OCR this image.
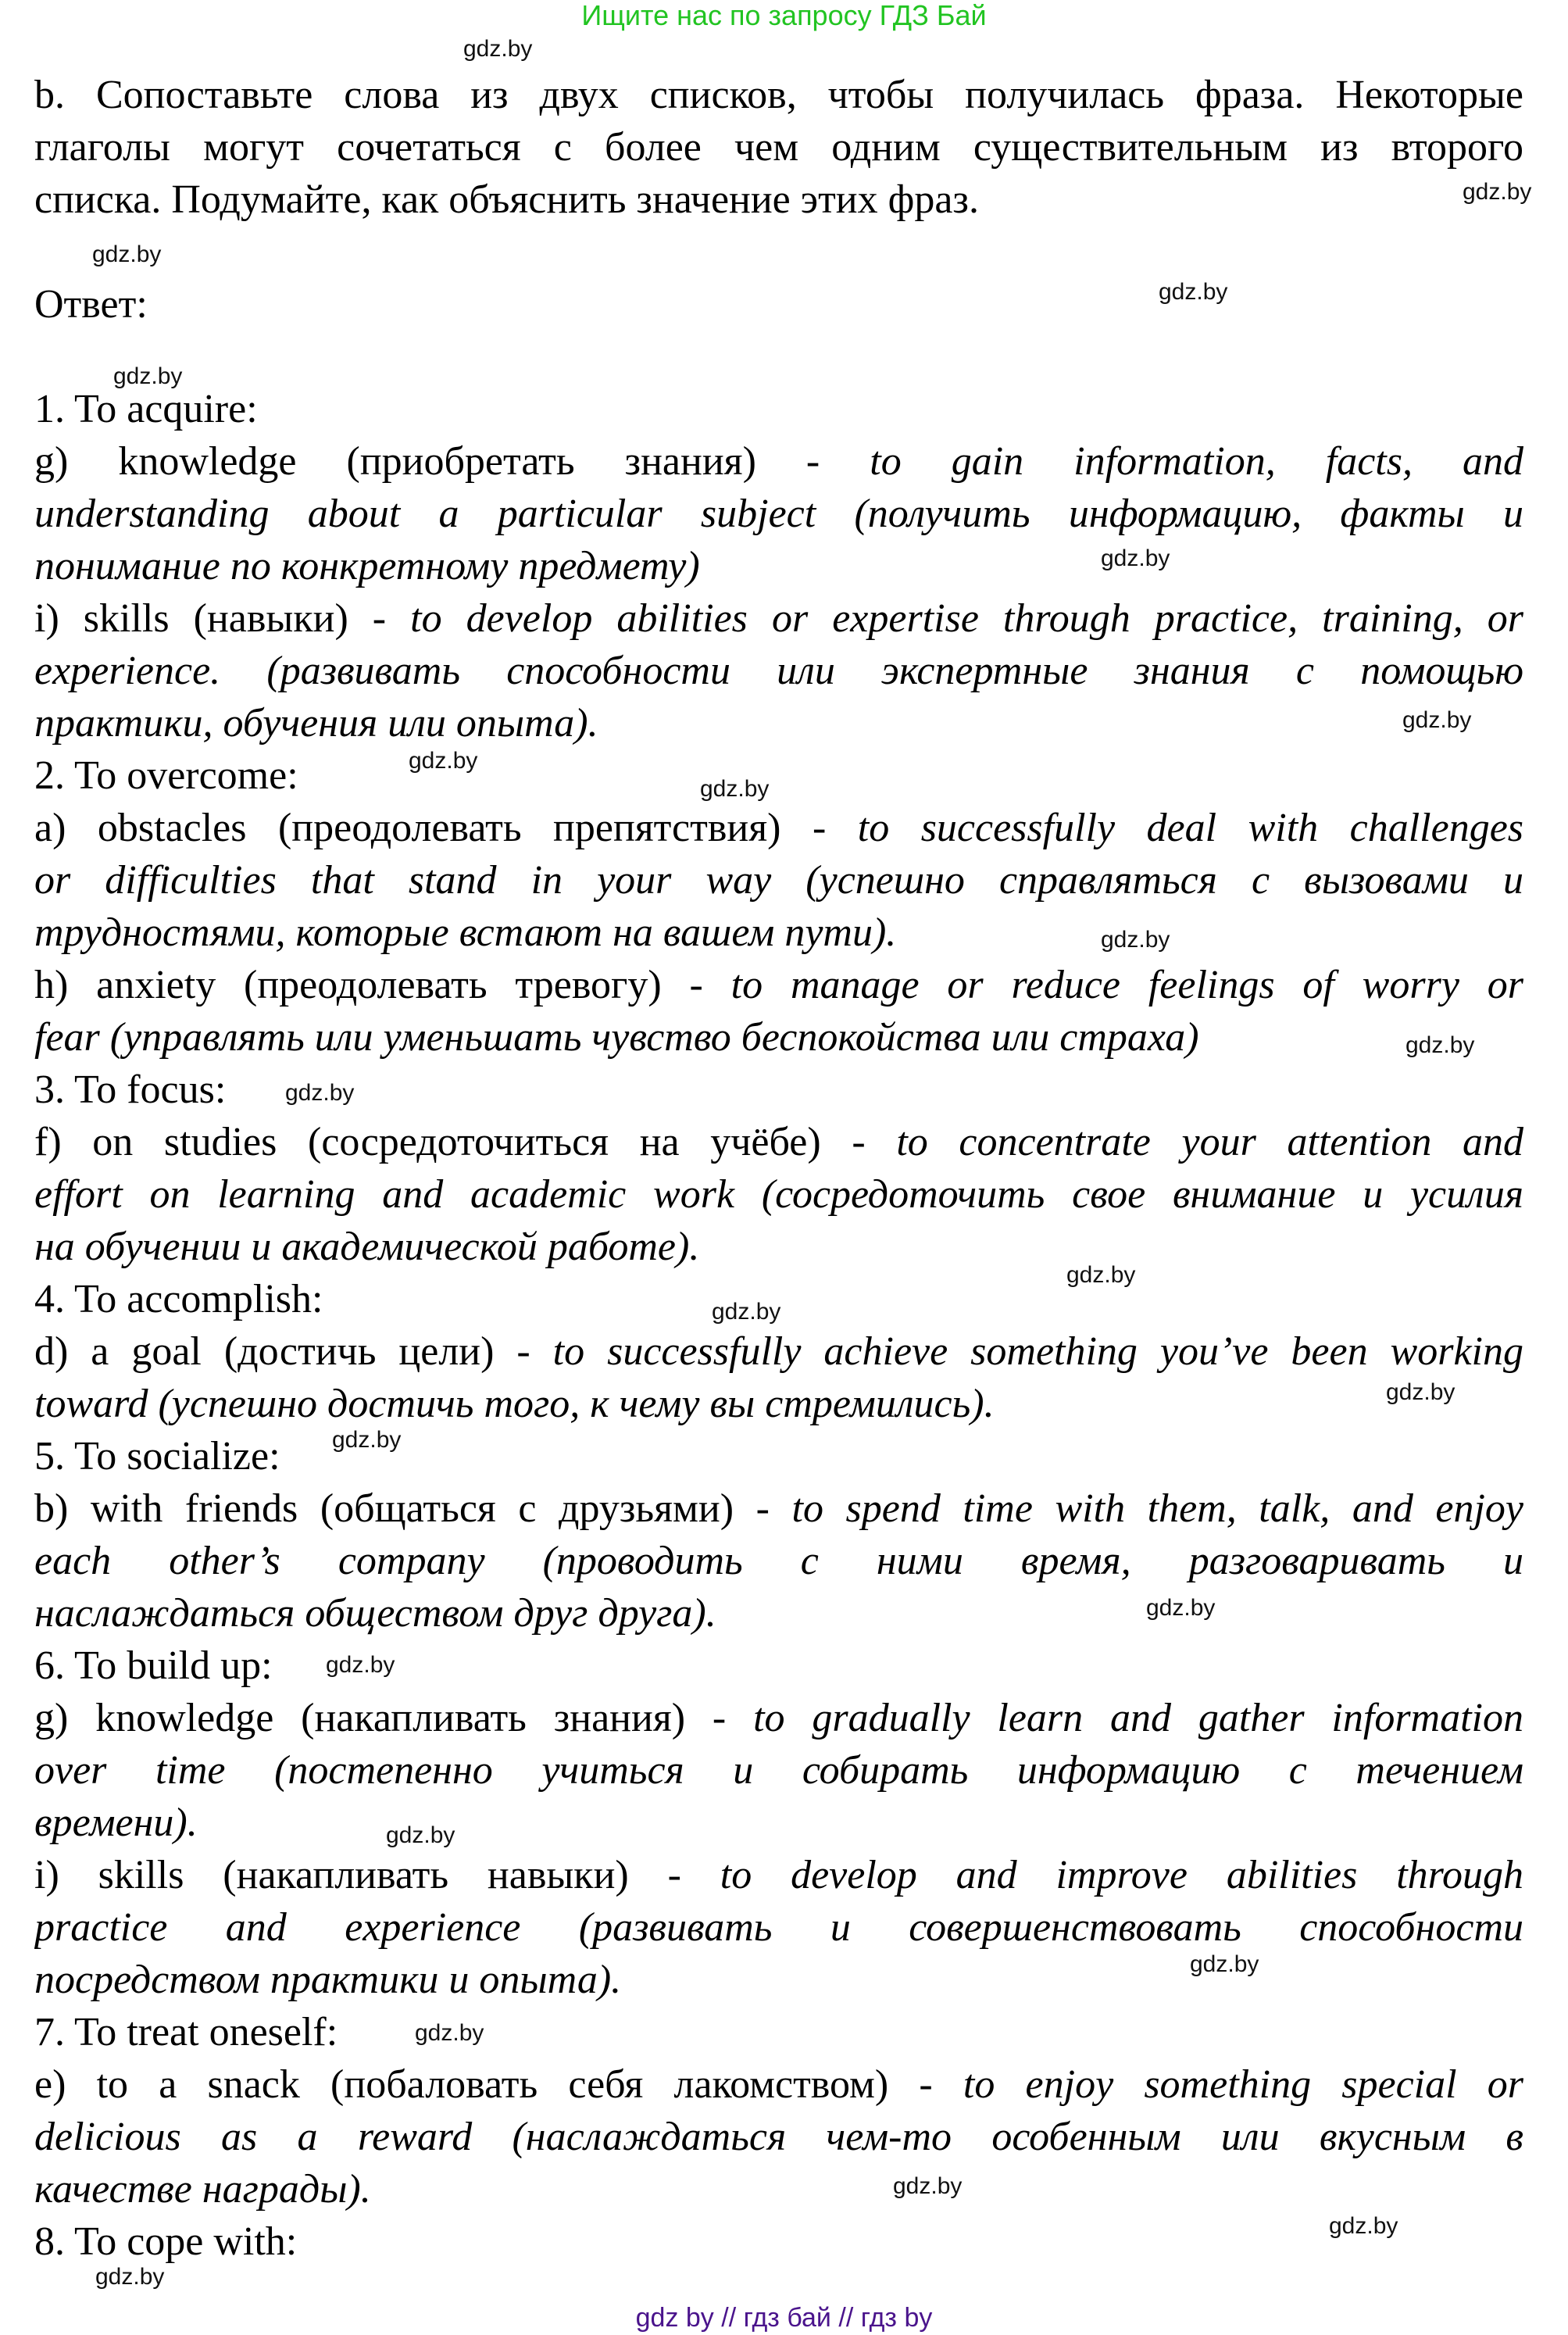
Ищите нас по запросу ГДЗ Бай
b. Сопоставьте слова из двух списков, чтобы получилась фраза. Некоторые
глаголы могут сочетаться с более чем одним существительным из второго
списка. Подумайте, как объяснить значение этих фраз.
Ответ:
1. To acquire:
g) knowledge (приобретать знания) - to gain information, facts, and
understanding about a particular subject (получить информацию, факты и
понимание по конкретному предмету)
i) skills (навыки) - to develop abilities or expertise through practice, training, or
experience. (развивать способности или экспертные знания с помощью
практики, обучения или опыта).
2. To overcome:
a) obstacles (преодолевать препятствия) - to successfully deal with challenges
or difficulties that stand in your way (успешно справляться с вызовами и
трудностями, которые встают на вашем пути).
h) anxiety (преодолевать тревогу) - to manage or reduce feelings of worry or
fear (управлять или уменьшать чувство беспокойства или страха)
3. To focus:
f) on studies (сосредоточиться на учёбе) - to concentrate your attention and
effort on learning and academic work (сосредоточить свое внимание и усилия
на обучении и академической работе).
4. To accomplish:
d) a goal (достичь цели) - to successfully achieve something you’ve been working
toward (успешно достичь того, к чему вы стремились).
5. To socialize:
b) with friends (общаться с друзьями) - to spend time with them, talk, and enjoy
each other’s company (проводить с ними время, разговаривать и
наслаждаться обществом друг друга).
6. To build up:
g) knowledge (накапливать знания) - to gradually learn and gather information
over time (постепенно учиться и собирать информацию с течением
времени).
i) skills (накапливать навыки) - to develop and improve abilities through
practice and experience (развивать и совершенствовать способности
посредством практики и опыта).
7. To treat oneself:
e) to a snack (побаловать себя лакомством) - to enjoy something special or
delicious as a reward (наслаждаться чем-то особенным или вкусным в
качестве награды).
8. To cope with:
gdz.by
gdz.by
gdz.by
gdz.by
gdz.by
gdz.by
gdz.by
gdz.by
gdz.by
gdz.by
gdz.by
gdz.by
gdz.by
gdz.by
gdz.by
gdz.by
gdz.by
gdz.by
gdz.by
gdz.by
gdz.by
gdz.by
gdz.by
gdz.by
gdz by // гдз бай // гдз by
